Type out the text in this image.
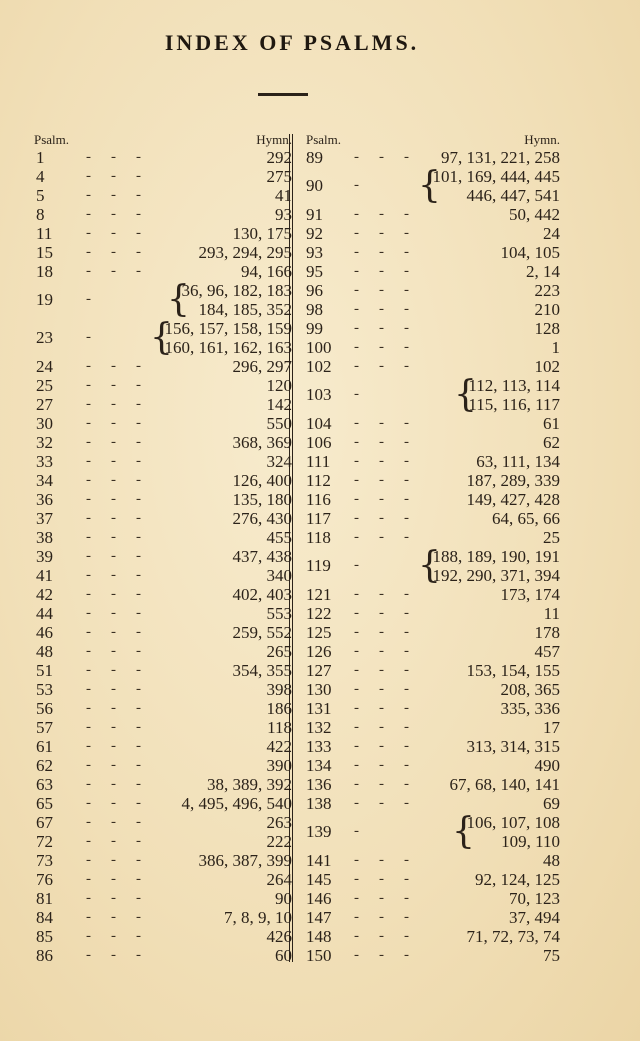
INDEX OF PSALMS.
Psalm.	Hymn.
1	-    -    -	292
4	-    -    -	275
5	-    -    -	41
8	-    -    -	93
11	-    -    -	130, 175
15	-    -    -	293, 294, 295
18	-    -    -	94, 166
19	-	36, 96, 182, 183
184, 185, 352
{
23	-	156, 157, 158, 159
160, 161, 162, 163
{
24	-    -    -	296, 297
25	-    -    -	120
27	-    -    -	142
30	-    -    -	550
32	-    -    -	368, 369
33	-    -    -	324
34	-    -    -	126, 400
36	-    -    -	135, 180
37	-    -    -	276, 430
38	-    -    -	455
39	-    -    -	437, 438
41	-    -    -	340
42	-    -    -	402, 403
44	-    -    -	553
46	-    -    -	259, 552
48	-    -    -	265
51	-    -    -	354, 355
53	-    -    -	398
56	-    -    -	186
57	-    -    -	118
61	-    -    -	422
62	-    -    -	390
63	-    -    -	38, 389, 392
65	-    -    - 4, 495, 496, 540
67	-    -    -	263
72	-    -    -	222
73	-    -    -	386, 387, 399
76	-    -    -	264
81	-    -    -	90
84	-    -    -	7, 8, 9, 10
85	-    -    -	426
86	-    -    -	60
Psalm.	Hymn.
89	-    -    - 97, 131, 221, 258
90	-	101, 169, 444, 445
446, 447, 541
{
91	-    -    -	50, 442
92	-    -    -	24
93	-    -    -	104, 105
95	-    -    -	2, 14
96	-    -    -	223
98	-    -    -	210
99	-    -    -	128
100	-    -    -	1
102	-    -    -	102
103	-	112, 113, 114
115, 116, 117
{
104	-    -    -	61
106	-    -    -	62
111	-    -    -	63, 111, 134
112	-    -    -	187, 289, 339
116	-    -    -	149, 427, 428
117	-    -    -	64, 65, 66
118	-    -    -	25
119	-	188, 189, 190, 191
192, 290, 371, 394
{
121	-    -    -	173, 174
122	-    -    -	11
125	-    -    -	178
126	-    -    -	457
127	-    -    -	153, 154, 155
130	-    -    -	208, 365
131	-    -    -	335, 336
132	-    -    -	17
133	-    -    -	313, 314, 315
134	-    -    -	490
136	-    -    - 67, 68, 140, 141
138	-    -    -	69
139	-	106, 107, 108
109, 110
{
141	-    -    -	48
145	-    -    -	92, 124, 125
146	-    -    -	70, 123
147	-    -    -	37, 494
148	-    -    -	71, 72, 73, 74
150	-    -    -	75
